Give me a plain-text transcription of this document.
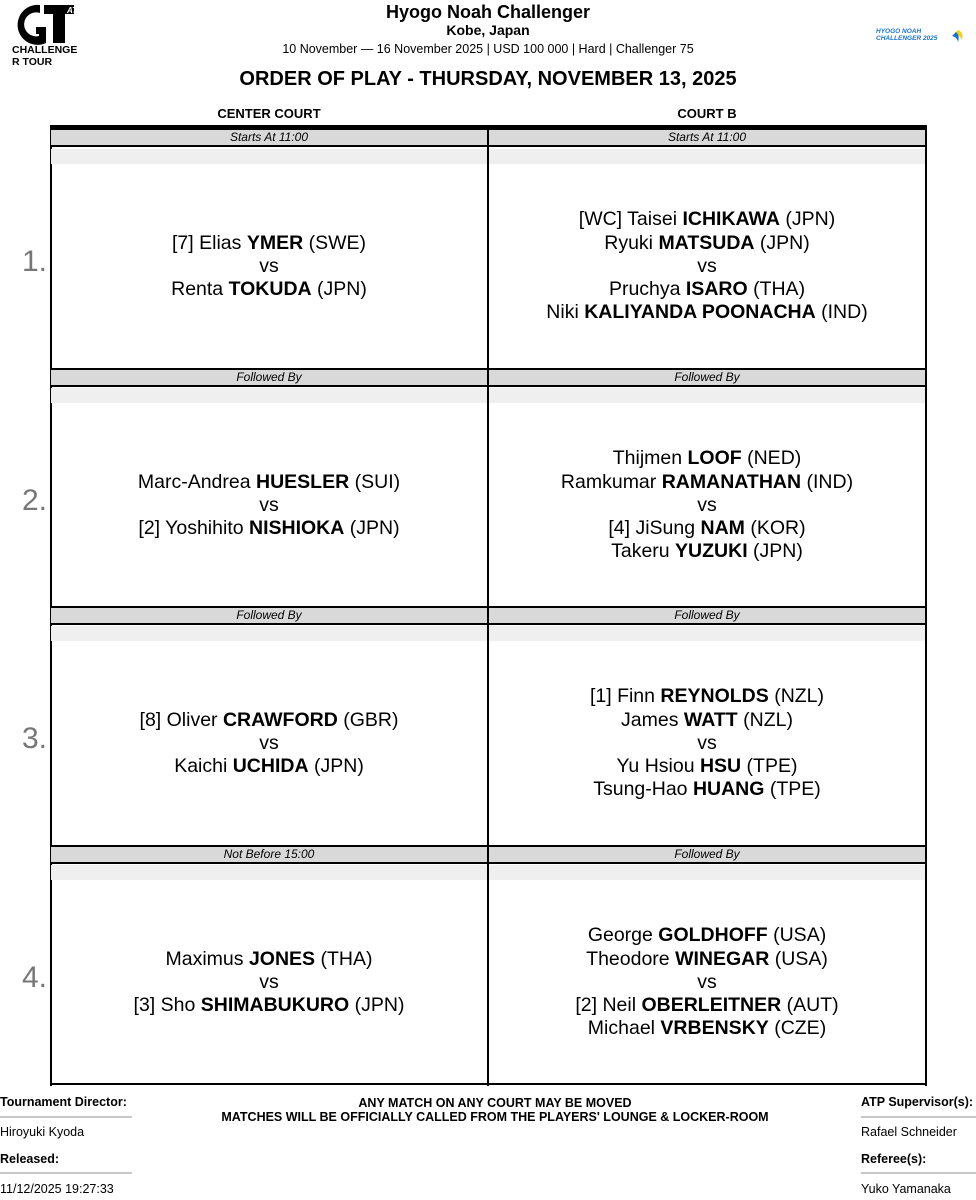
ATP
CHALLENGER TOUR
HYOGO NOAH CHALLENGER 2025
Hyogo Noah Challenger
Kobe, Japan
10 November — 16 November 2025 | USD 100 000 | Hard | Challenger 75
ORDER OF PLAY - THURSDAY, NOVEMBER 13, 2025
CENTER COURT	COURT B
1.
Starts At 11:00
[7] Elias YMER (SWE)
vs
Renta TOKUDA (JPN)
Starts At 11:00
[WC] Taisei ICHIKAWA (JPN)
Ryuki MATSUDA (JPN)
vs
Pruchya ISARO (THA)
Niki KALIYANDA POONACHA (IND)
2.
Followed By
Marc-Andrea HUESLER (SUI)
vs
[2] Yoshihito NISHIOKA (JPN)
Followed By
Thijmen LOOF (NED)
Ramkumar RAMANATHAN (IND)
vs
[4] JiSung NAM (KOR)
Takeru YUZUKI (JPN)
3.
Followed By
[8] Oliver CRAWFORD (GBR)
vs
Kaichi UCHIDA (JPN)
Followed By
[1] Finn REYNOLDS (NZL)
James WATT (NZL)
vs
Yu Hsiou HSU (TPE)
Tsung-Hao HUANG (TPE)
4.
Not Before 15:00
Maximus JONES (THA)
vs
[3] Sho SHIMABUKURO (JPN)
Followed By
George GOLDHOFF (USA)
Theodore WINEGAR (USA)
vs
[2] Neil OBERLEITNER (AUT)
Michael VRBENSKY (CZE)
Tournament Director:
Hiroyuki Kyoda
Released:
11/12/2025 19:27:33
ANY MATCH ON ANY COURT MAY BE MOVED
MATCHES WILL BE OFFICIALLY CALLED FROM THE PLAYERS' LOUNGE & LOCKER-ROOM
ATP Supervisor(s):
Rafael Schneider
Referee(s):
Yuko Yamanaka
